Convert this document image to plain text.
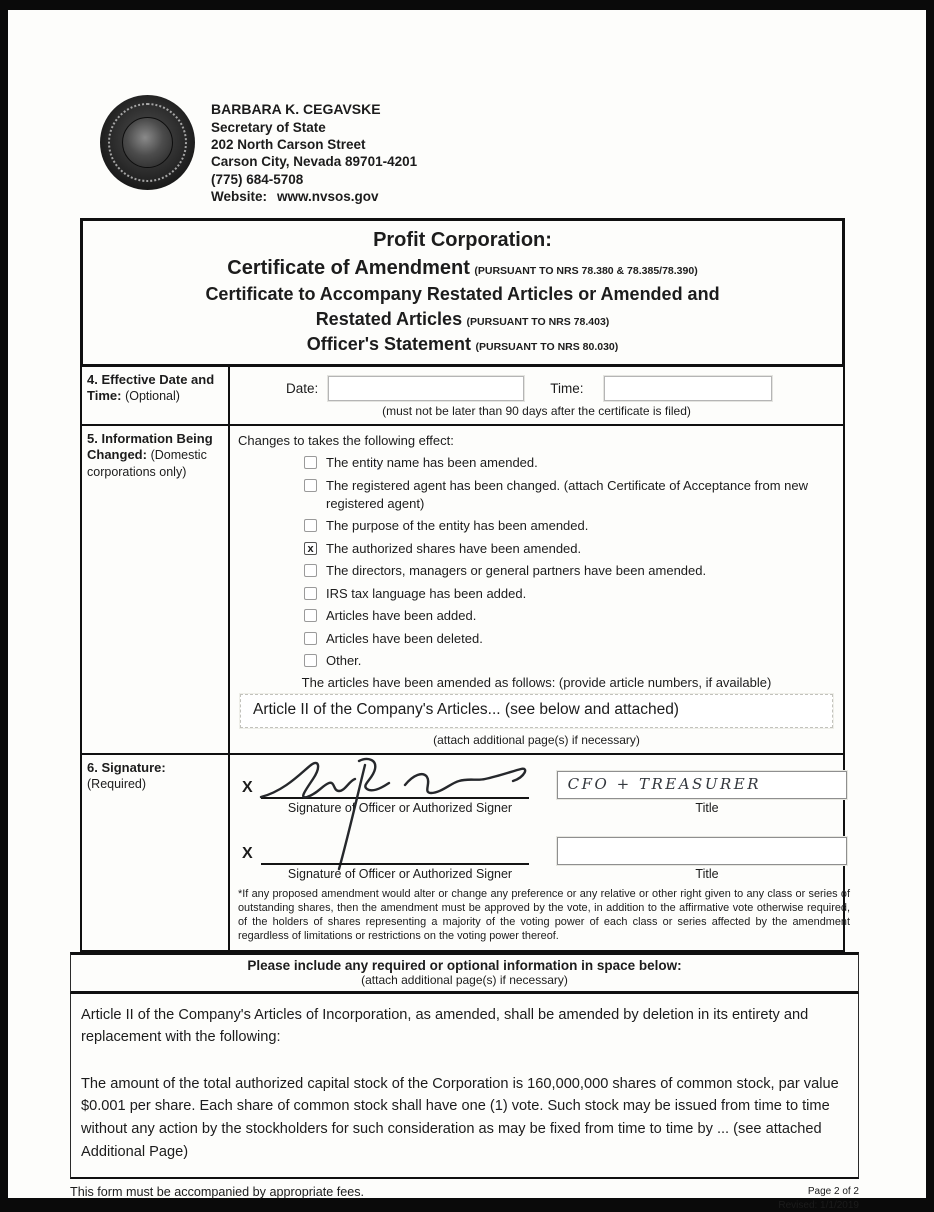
BARBARA K. CEGAVSKE
Secretary of State
202 North Carson Street
Carson City, Nevada 89701-4201
(775) 684-5708
Website: www.nvsos.gov
Profit Corporation:
Certificate of Amendment (PURSUANT TO NRS 78.380 & 78.385/78.390)
Certificate to Accompany Restated Articles or Amended and
Restated Articles (PURSUANT TO NRS 78.403)
Officer's Statement (PURSUANT TO NRS 80.030)
4. Effective Date and Time: (Optional)	Date:	Time:
(must not be later than 90 days after the certificate is filed)
5. Information Being Changed: (Domestic corporations only)
Changes to takes the following effect:
The entity name has been amended.
The registered agent has been changed. (attach Certificate of Acceptance from new registered agent)
The purpose of the entity has been amended.
x The authorized shares have been amended.
The directors, managers or general partners have been amended.
IRS tax language has been added.
Articles have been added.
Articles have been deleted.
Other.
The articles have been amended as follows: (provide article numbers, if available)
Article II of the Company's Articles... (see below and attached)
(attach additional page(s) if necessary)
6. Signature:
(Required)	X	CFO + TREASURER
Signature of Officer or Authorized Signer	Title
X
Signature of Officer or Authorized Signer	Title
*If any proposed amendment would alter or change any preference or any relative or other right given to any class or series of outstanding shares, then the amendment must be approved by the vote, in addition to the affirmative vote otherwise required, of the holders of shares representing a majority of the voting power of each class or series affected by the amendment regardless of limitations or restrictions on the voting power thereof.
Please include any required or optional information in space below:
(attach additional page(s) if necessary)

Article II of the Company's Articles of Incorporation, as amended, shall be amended by deletion in its entirety and replacement with the following:

The amount of the total authorized capital stock of the Corporation is 160,000,000 shares of common stock, par value $0.001 per share. Each share of common stock shall have one (1) vote. Such stock may be issued from time to time without any action by the stockholders for such consideration as may be fixed from time to time by ... (see attached Additional Page)

This form must be accompanied by appropriate fees.	Page 2 of 2
Revised: 1/1/2019
